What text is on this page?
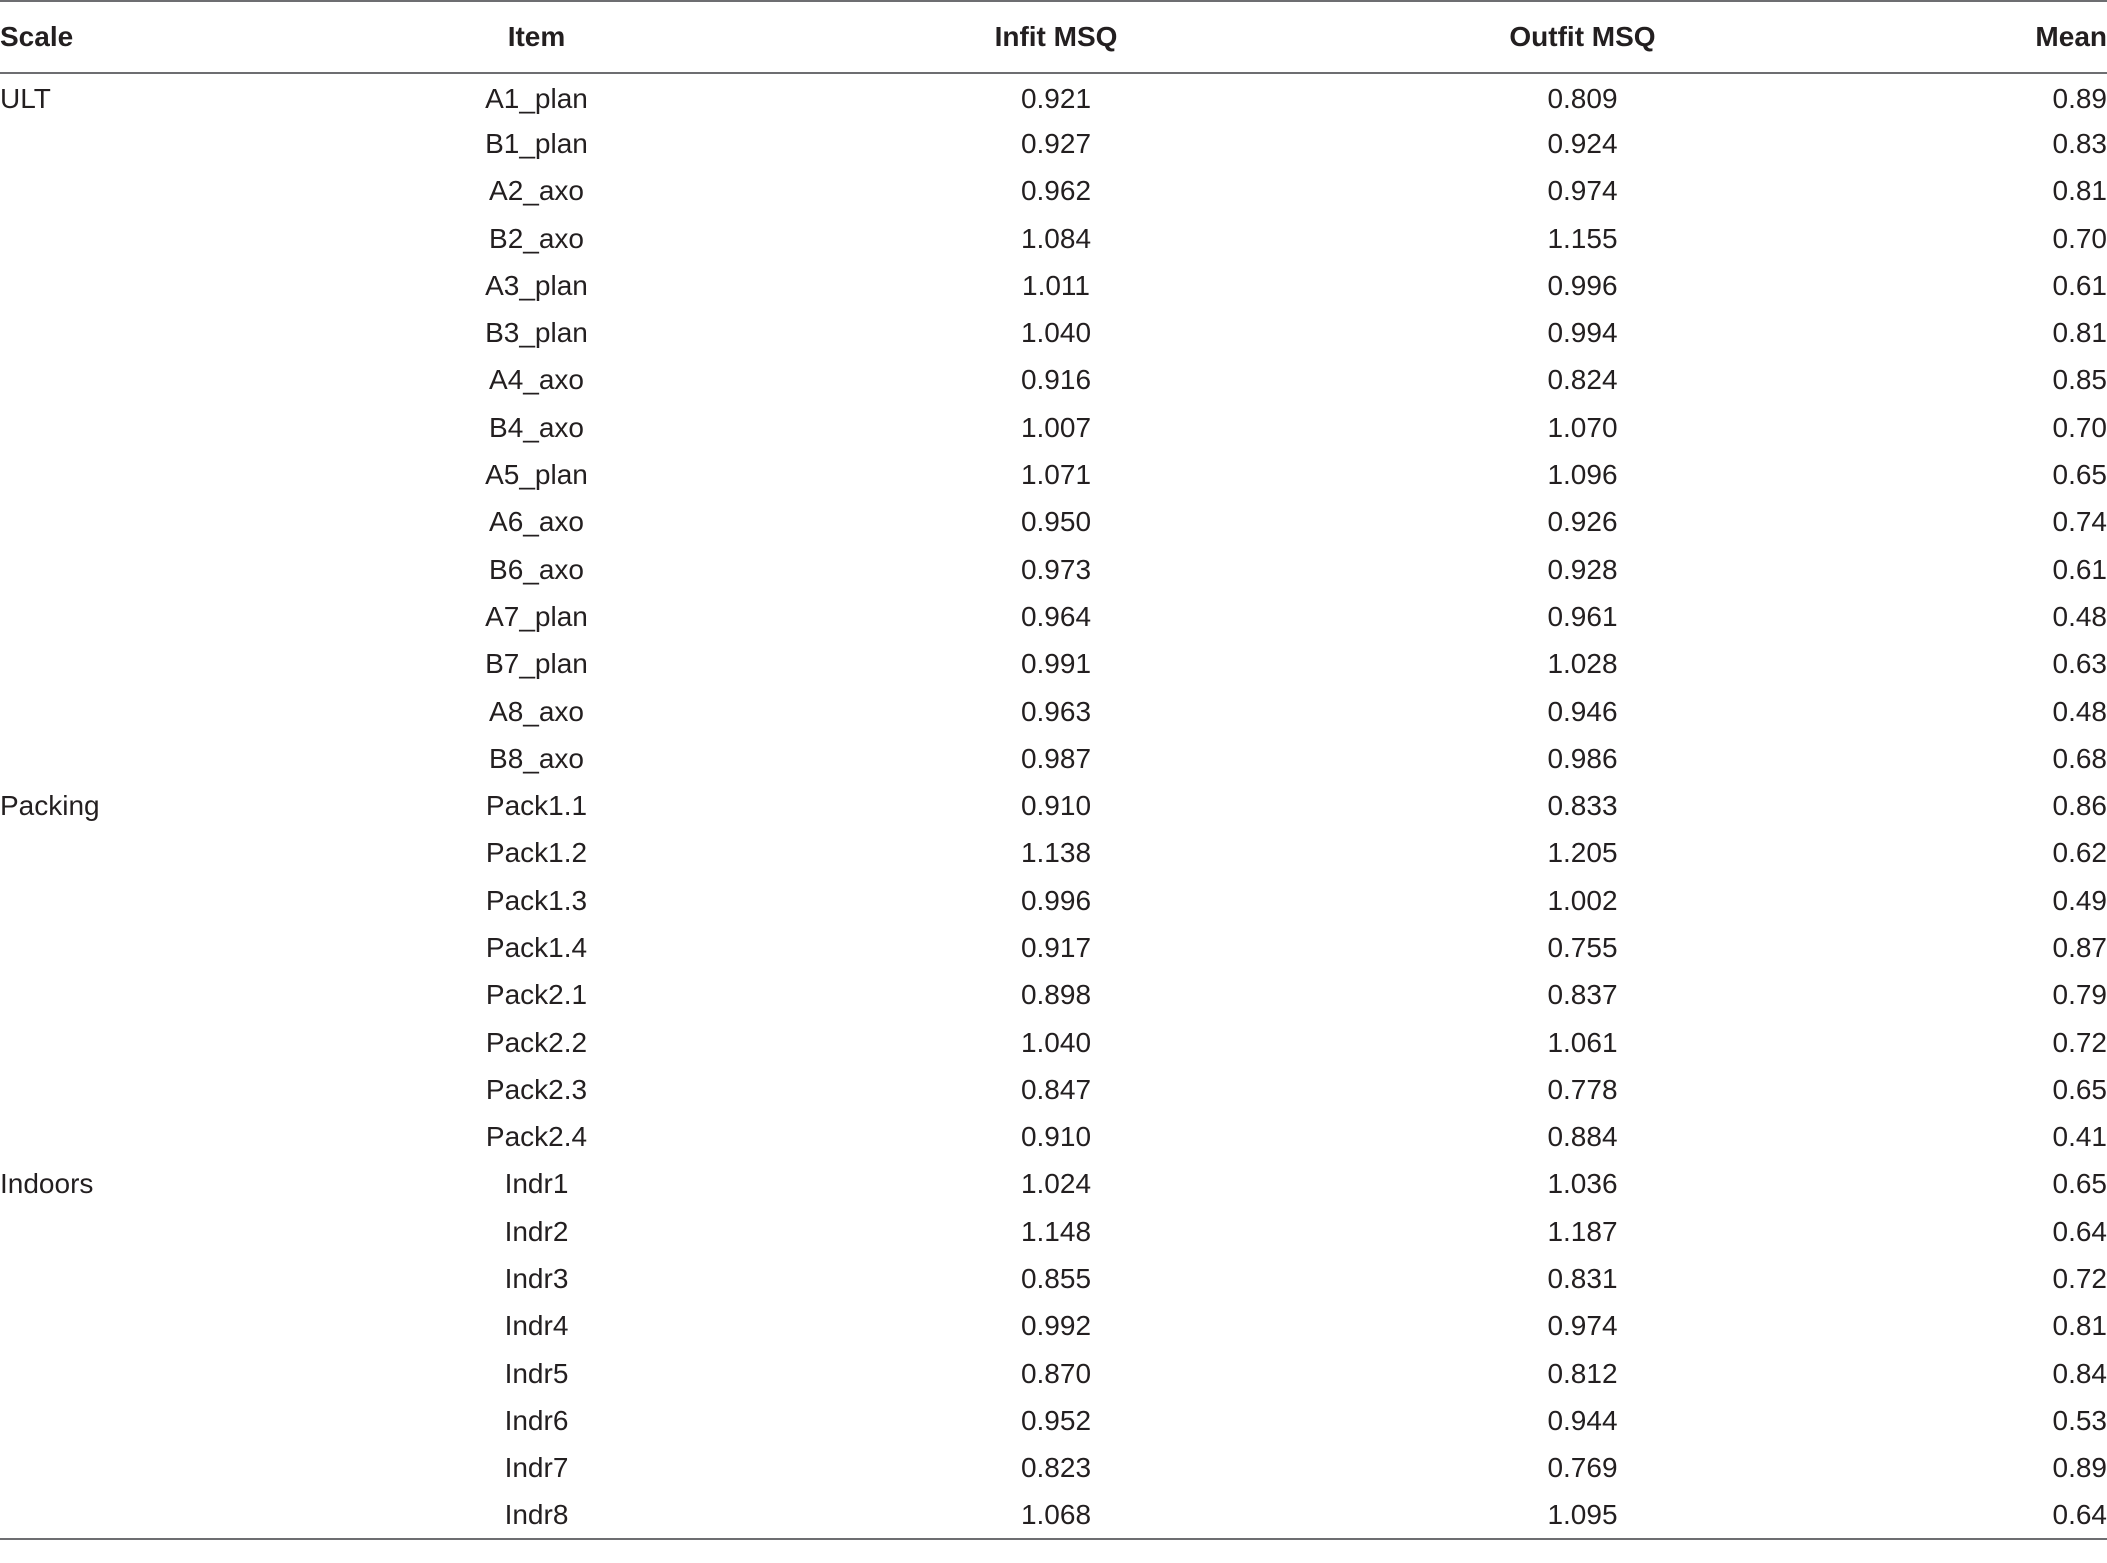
Scale	Item	Infit MSQ	Outfit MSQ	Mean
ULT	A1_plan	0.921	0.809	0.89
	B1_plan	0.927	0.924	0.83
	A2_axo	0.962	0.974	0.81
	B2_axo	1.084	1.155	0.70
	A3_plan	1.011	0.996	0.61
	B3_plan	1.040	0.994	0.81
	A4_axo	0.916	0.824	0.85
	B4_axo	1.007	1.070	0.70
	A5_plan	1.071	1.096	0.65
	A6_axo	0.950	0.926	0.74
	B6_axo	0.973	0.928	0.61
	A7_plan	0.964	0.961	0.48
	B7_plan	0.991	1.028	0.63
	A8_axo	0.963	0.946	0.48
	B8_axo	0.987	0.986	0.68
Packing	Pack1.1	0.910	0.833	0.86
	Pack1.2	1.138	1.205	0.62
	Pack1.3	0.996	1.002	0.49
	Pack1.4	0.917	0.755	0.87
	Pack2.1	0.898	0.837	0.79
	Pack2.2	1.040	1.061	0.72
	Pack2.3	0.847	0.778	0.65
	Pack2.4	0.910	0.884	0.41
Indoors	Indr1	1.024	1.036	0.65
	Indr2	1.148	1.187	0.64
	Indr3	0.855	0.831	0.72
	Indr4	0.992	0.974	0.81
	Indr5	0.870	0.812	0.84
	Indr6	0.952	0.944	0.53
	Indr7	0.823	0.769	0.89
	Indr8	1.068	1.095	0.64
